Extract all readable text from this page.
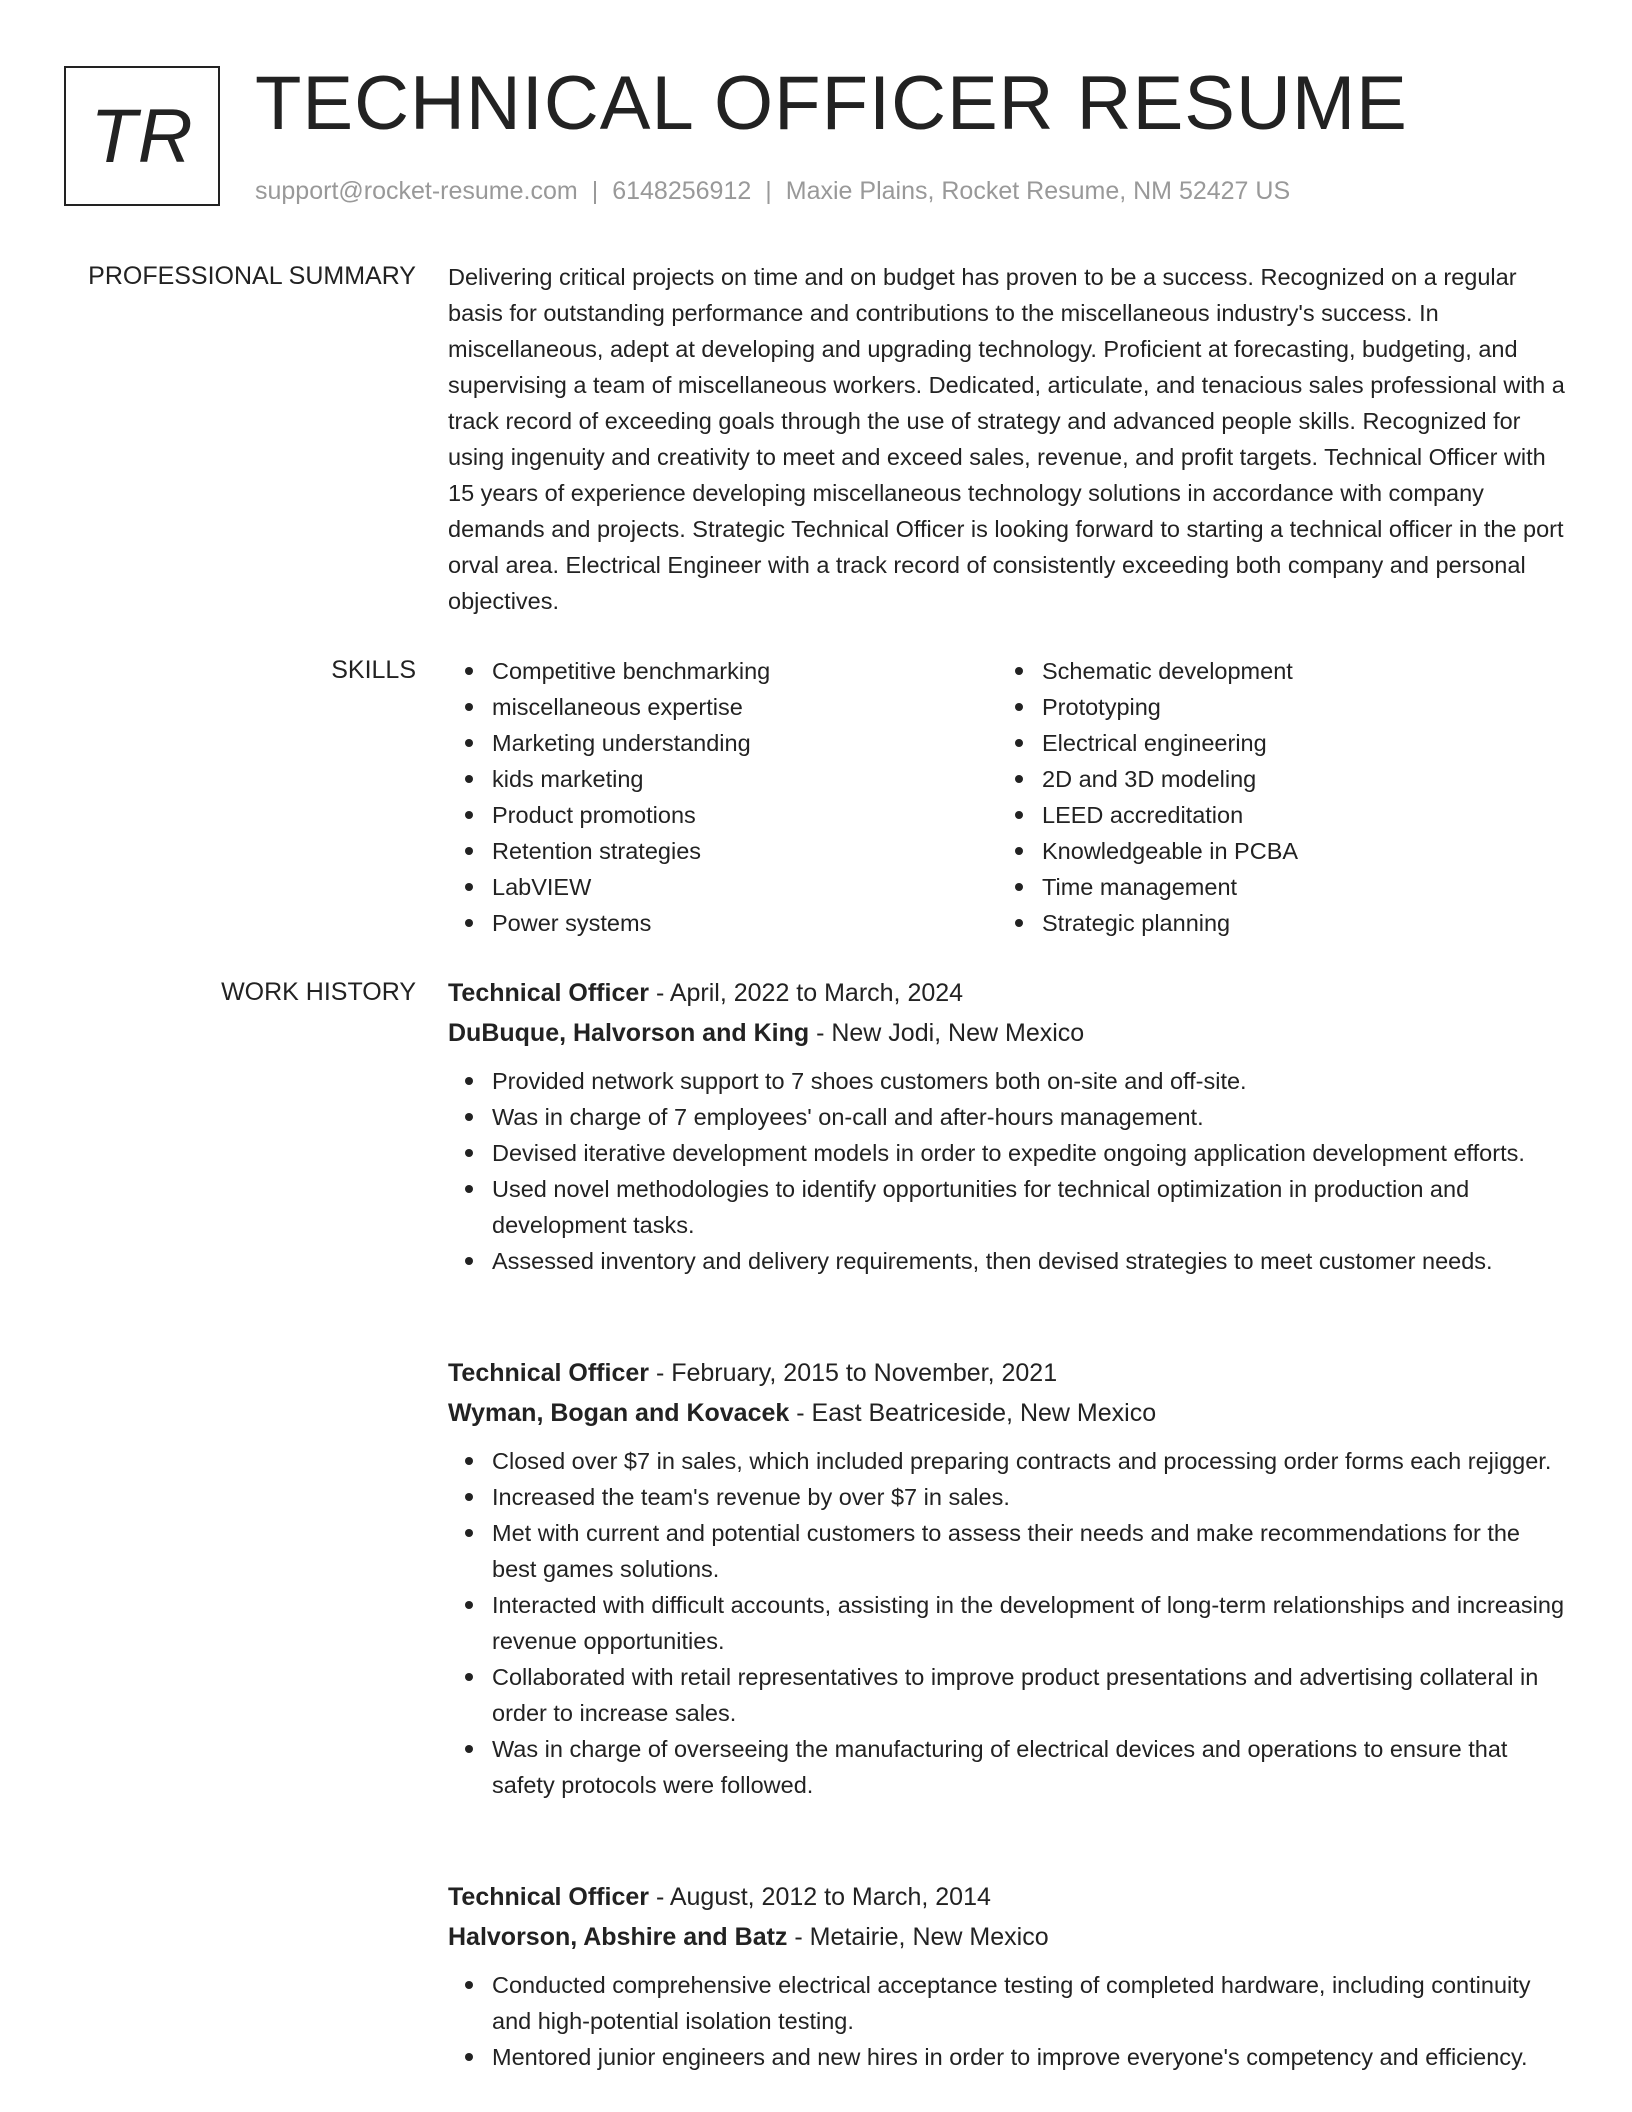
TR TECHNICAL OFFICER RESUME
support@rocket-resume.com | 6148256912 | Maxie Plains, Rocket Resume, NM 52427 US
PROFESSIONAL SUMMARY Delivering critical projects on time and on budget has proven to be a success. Recognized on a regular basis for outstanding performance and contributions to the miscellaneous industry's success. In miscellaneous, adept at developing and upgrading technology. Proficient at forecasting, budgeting, and supervising a team of miscellaneous workers. Dedicated, articulate, and tenacious sales professional with a track record of exceeding goals through the use of strategy and advanced people skills. Recognized for using ingenuity and creativity to meet and exceed sales, revenue, and profit targets. Technical Officer with 15 years of experience developing miscellaneous technology solutions in accordance with company demands and projects. Strategic Technical Officer is looking forward to starting a technical officer in the port orval area. Electrical Engineer with a track record of consistently exceeding both company and personal objectives.

SKILLS	Competitive benchmarking
miscellaneous expertise
Marketing understanding
kids marketing
Product promotions
Retention strategies
LabVIEW
Power systems
Schematic development
Prototyping
Electrical engineering
2D and 3D modeling
LEED accreditation
Knowledgeable in PCBA
Time management
Strategic planning
WORK HISTORY Technical Officer - April, 2022 to March, 2024
DuBuque, Halvorson and King - New Jodi, New Mexico
Provided network support to 7 shoes customers both on-site and off-site.
Was in charge of 7 employees' on-call and after-hours management.
Devised iterative development models in order to expedite ongoing application development efforts.
Used novel methodologies to identify opportunities for technical optimization in production and development tasks.
Assessed inventory and delivery requirements, then devised strategies to meet customer needs.
Technical Officer - February, 2015 to November, 2021
Wyman, Bogan and Kovacek - East Beatriceside, New Mexico
Closed over $7 in sales, which included preparing contracts and processing order forms each rejigger.
Increased the team's revenue by over $7 in sales.
Met with current and potential customers to assess their needs and make recommendations for the best games solutions.
Interacted with difficult accounts, assisting in the development of long-term relationships and increasing revenue opportunities.
Collaborated with retail representatives to improve product presentations and advertising collateral in order to increase sales.
Was in charge of overseeing the manufacturing of electrical devices and operations to ensure that safety protocols were followed.
Technical Officer - August, 2012 to March, 2014
Halvorson, Abshire and Batz - Metairie, New Mexico
Conducted comprehensive electrical acceptance testing of completed hardware, including continuity and high-potential isolation testing.
Mentored junior engineers and new hires in order to improve everyone's competency and efficiency.
